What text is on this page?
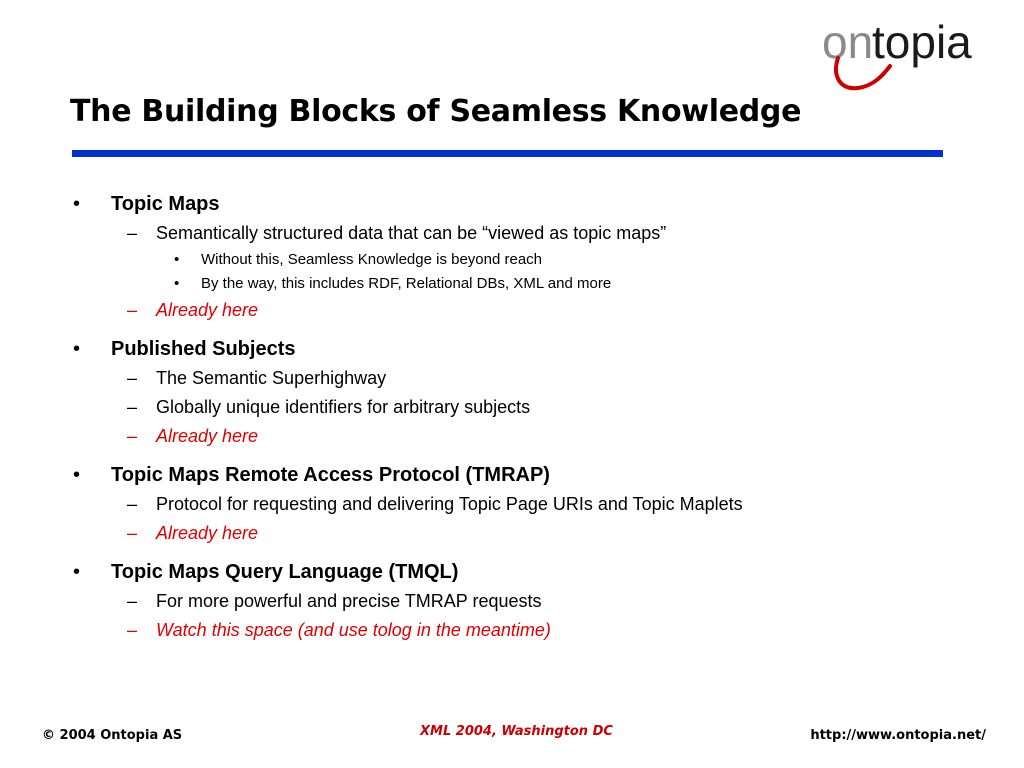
on
topia
The Building Blocks of Seamless Knowledge
• Topic Maps
– Semantically structured data that can be “viewed as topic maps”
• Without this, Seamless Knowledge is beyond reach
• By the way, this includes RDF, Relational DBs, XML and more
– Already here
• Published Subjects
– The Semantic Superhighway
– Globally unique identifiers for arbitrary subjects
– Already here
• Topic Maps Remote Access Protocol (TMRAP)
– Protocol for requesting and delivering Topic Page URIs and Topic Maplets
– Already here
• Topic Maps Query Language (TMQL)
– For more powerful and precise TMRAP requests
– Watch this space (and use tolog in the meantime)
© 2004 Ontopia AS	XML 2004, Washington DC	http://www.ontopia.net/
